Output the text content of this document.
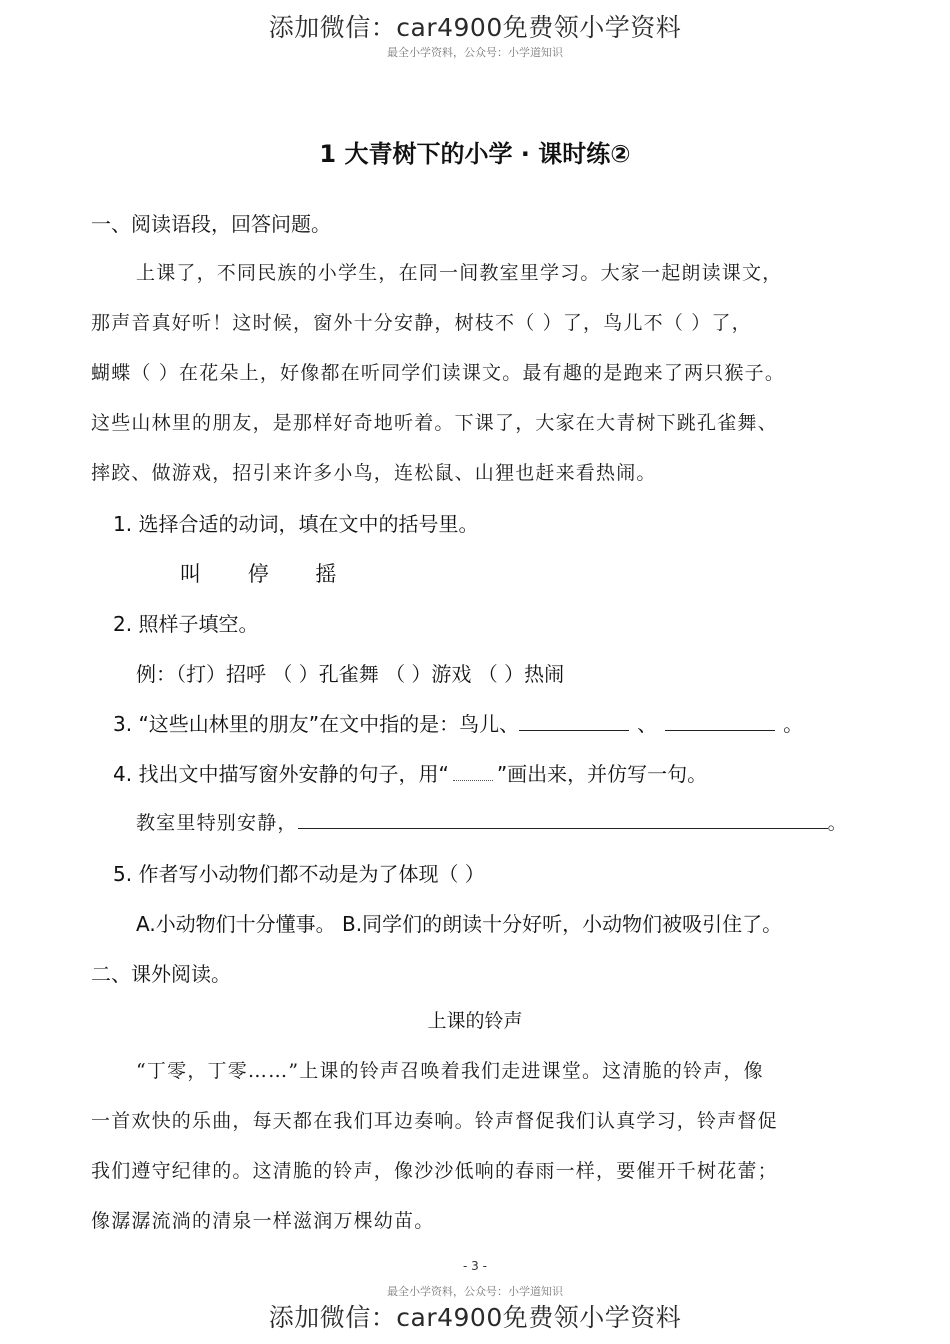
添加微信：car4900免费领小学资料
最全小学资料，公众号：小学道知识
1 大青树下的小学 · 课时练②
一、阅读语段，回答问题。
上课了，不同民族的小学生，在同一间教室里学习。大家一起朗读课文，
那声音真好听！这时候，窗外十分安静，树枝不（ ）了，鸟儿不（ ）了，
蝴蝶（ ）在花朵上，好像都在听同学们读课文。最有趣的是跑来了两只猴子。
这些山林里的朋友，是那样好奇地听着。下课了，大家在大青树下跳孔雀舞、
摔跤、做游戏，招引来许多小鸟，连松鼠、山狸也赶来看热闹。
1. 选择合适的动词，填在文中的括号里。
叫 停 摇
2. 照样子填空。
例：（打）招呼 （ ）孔雀舞 （ ）游戏 （ ）热闹
3. “这些山林里的朋友”在文中指的是：鸟儿、	、	。
4. 找出文中描写窗外安静的句子，用“ ”画出来，并仿写一句。
教室里特别安静，	。
5. 作者写小动物们都不动是为了体现（ ）
A.小动物们十分懂事。 B.同学们的朗读十分好听，小动物们被吸引住了。
二、课外阅读。
上课的铃声
“丁零，丁零……”上课的铃声召唤着我们走进课堂。这清脆的铃声，像
一首欢快的乐曲，每天都在我们耳边奏响。铃声督促我们认真学习，铃声督促
我们遵守纪律的。这清脆的铃声，像沙沙低响的春雨一样，要催开千树花蕾；
像潺潺流淌的清泉一样滋润万棵幼苗。
- 3 -
最全小学资料，公众号：小学道知识
添加微信：car4900免费领小学资料
